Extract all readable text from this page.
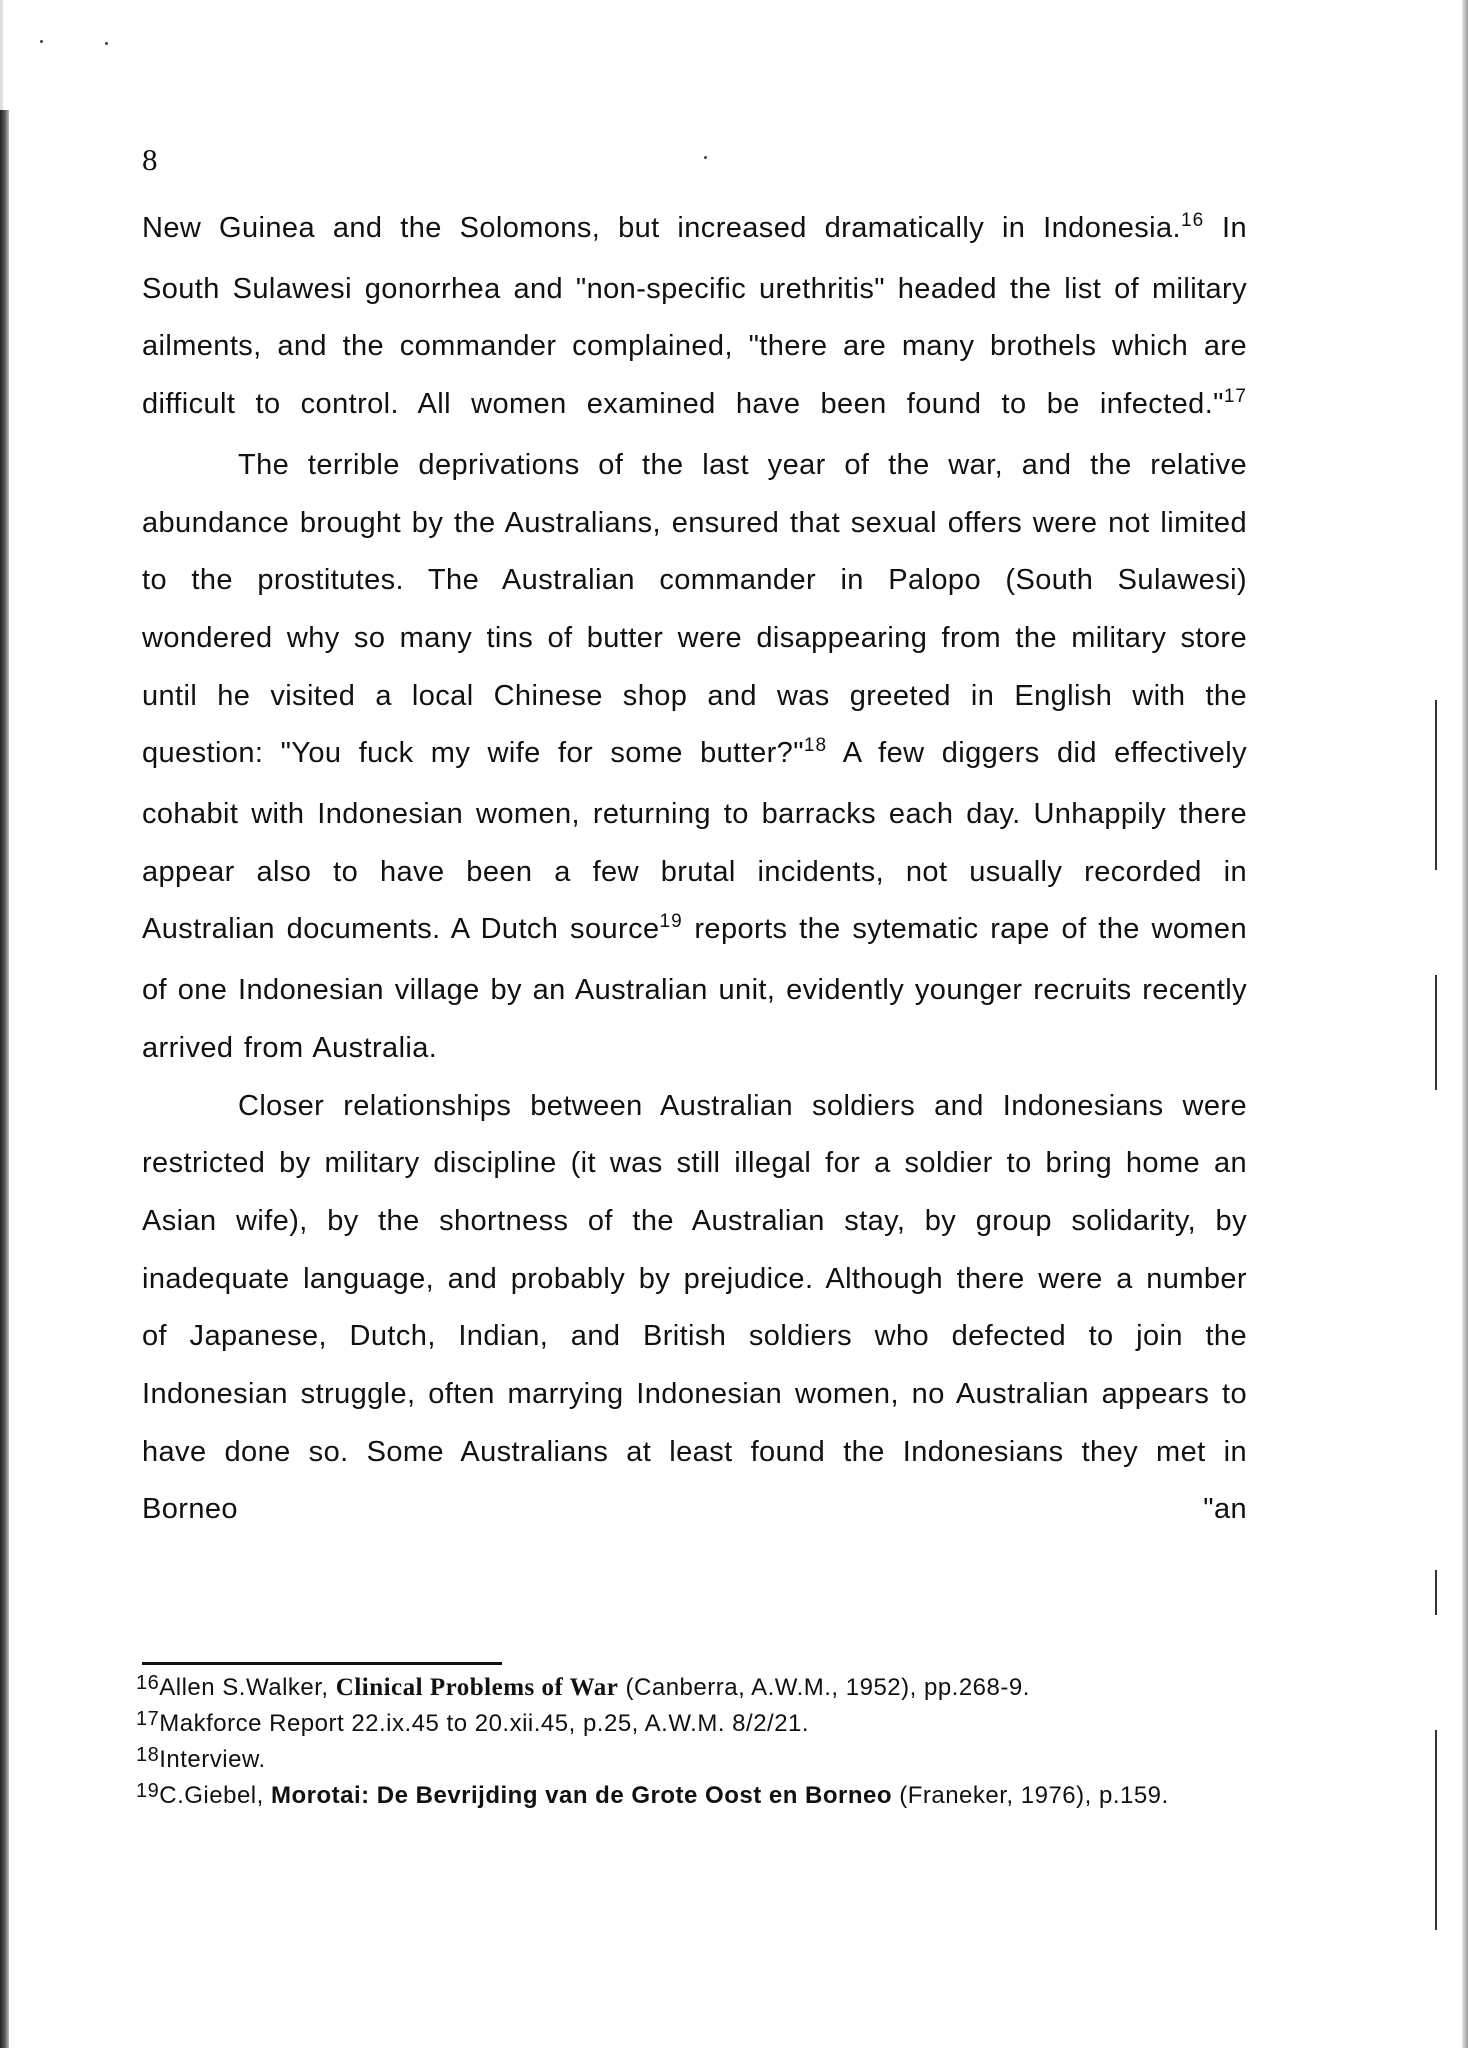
8

New Guinea and the Solomons, but increased dramatically in Indonesia.$^{16}$ In South Sulawesi gonorrhea and "non-specific urethritis" headed the list of military ailments, and the commander complained, "there are many brothels which are difficult to control. All women examined have been found to be infected."$^{17}$

The terrible deprivations of the last year of the war, and the relative abundance brought by the Australians, ensured that sexual offers were not limited to the prostitutes. The Australian commander in Palopo (South Sulawesi) wondered why so many tins of butter were disappearing from the military store until he visited a local Chinese shop and was greeted in English with the question: "You fuck my wife for some butter?"$^{18}$ A few diggers did effectively cohabit with Indonesian women, returning to barracks each day. Unhappily there appear also to have been a few brutal incidents, not usually recorded in Australian documents. A Dutch source$^{19}$ reports the sytematic rape of the women of one Indonesian village by an Australian unit, evidently younger recruits recently arrived from Australia.

Closer relationships between Australian soldiers and Indonesians were restricted by military discipline (it was still illegal for a soldier to bring home an Asian wife), by the shortness of the Australian stay, by group solidarity, by inadequate language, and probably by prejudice. Although there were a number of Japanese, Dutch, Indian, and British soldiers who defected to join the Indonesian struggle, often marrying Indonesian women, no Australian appears to have done so. Some Australians at least found the Indonesians they met in Borneo "an

$^{16}$Allen S.Walker, Clinical Problems of War (Canberra, A.W.M., 1952), pp.268-9.

$^{17}$Makforce Report 22.ix.45 to 20.xii.45, p.25, A.W.M. 8/2/21.

$^{18}$Interview.

$^{19}$C.Giebel, Morotai: De Bevrijding van de Grote Oost en Borneo (Franeker, 1976), p.159.
